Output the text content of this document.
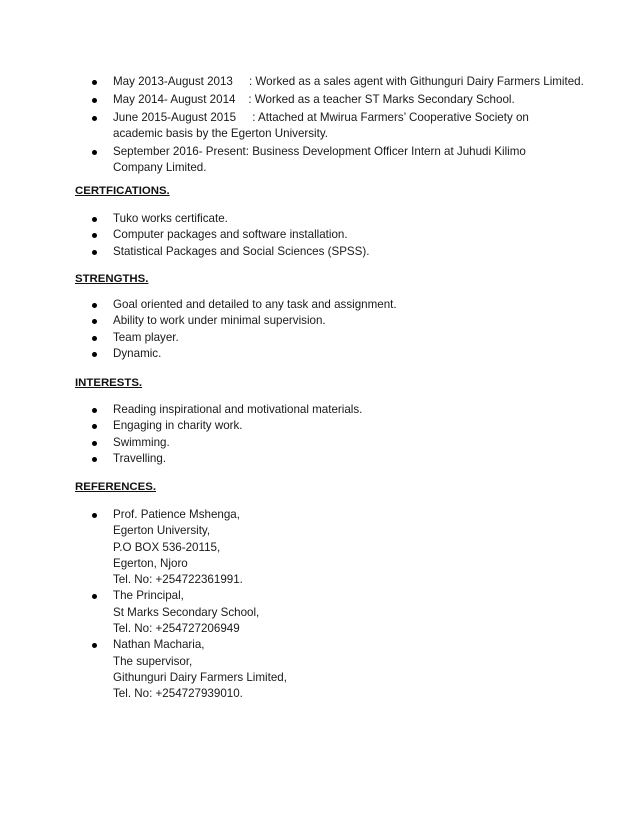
May 2013-August 2013     : Worked as a sales agent with Githunguri Dairy Farmers Limited.
May 2014- August 2014    : Worked as a teacher ST Marks Secondary School.
June 2015-August 2015     : Attached at Mwirua Farmers’ Cooperative Society on academic basis by the Egerton University.
September 2016- Present: Business Development Officer Intern at Juhudi Kilimo Company Limited.
CERTFICATIONS.
Tuko works certificate.
Computer packages and software installation.
Statistical Packages and Social Sciences (SPSS).
STRENGTHS.
Goal oriented and detailed to any task and assignment.
Ability to work under minimal supervision.
Team player.
Dynamic.
INTERESTS.
Reading inspirational and motivational materials.
Engaging in charity work.
Swimming.
Travelling.
REFERENCES.
Prof. Patience Mshenga,
Egerton University,
P.O BOX 536-20115,
Egerton, Njoro
Tel. No: +254722361991.
The Principal,
St Marks Secondary School,
Tel. No: +254727206949
Nathan Macharia,
The supervisor,
Githunguri Dairy Farmers Limited,
Tel. No: +254727939010.
